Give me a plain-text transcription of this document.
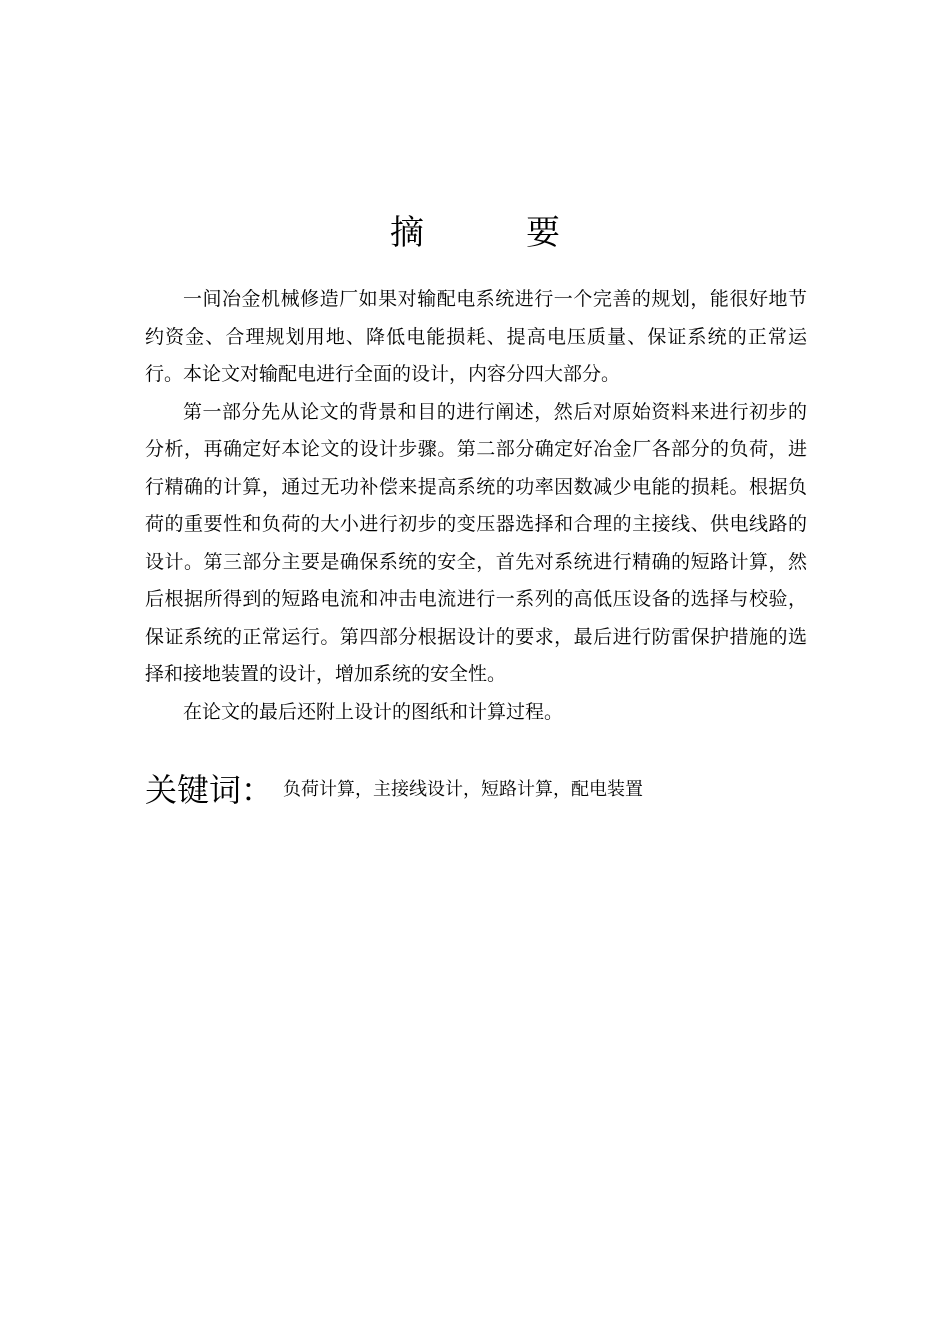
摘　要

一间冶金机械修造厂如果对输配电系统进行一个完善的规划，能很好地节约资金、合理规划用地、降低电能损耗、提高电压质量、保证系统的正常运行。本论文对输配电进行全面的设计，内容分四大部分。

第一部分先从论文的背景和目的进行阐述，然后对原始资料来进行初步的分析，再确定好本论文的设计步骤。第二部分确定好冶金厂各部分的负荷，进行精确的计算，通过无功补偿来提高系统的功率因数减少电能的损耗。根据负荷的重要性和负荷的大小进行初步的变压器选择和合理的主接线、供电线路的设计。第三部分主要是确保系统的安全，首先对系统进行精确的短路计算，然后根据所得到的短路电流和冲击电流进行一系列的高低压设备的选择与校验，保证系统的正常运行。第四部分根据设计的要求，最后进行防雷保护措施的选择和接地装置的设计，增加系统的安全性。

在论文的最后还附上设计的图纸和计算过程。

关键词： 负荷计算，主接线设计，短路计算，配电装置
